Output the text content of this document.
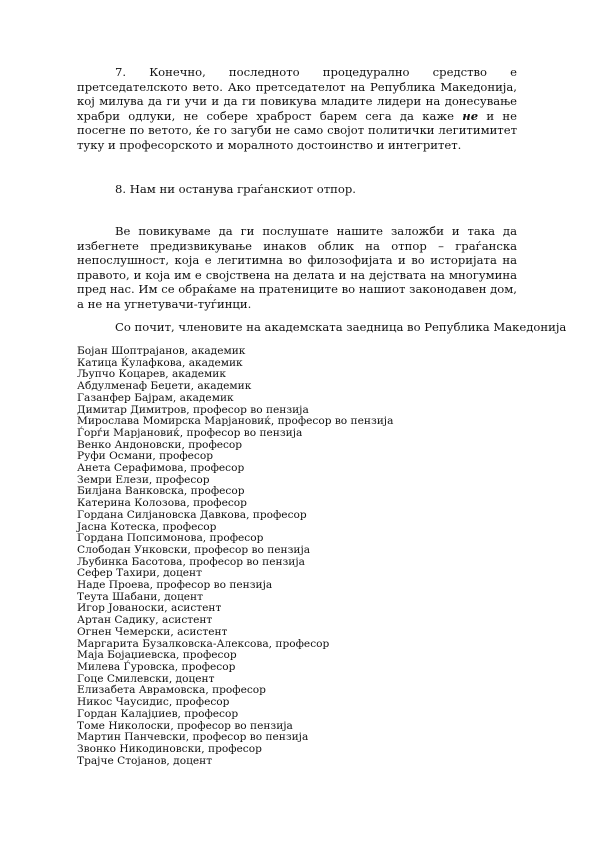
7. Конечно, последното процедурално средство е претседателското вето. Ако претседателот на Република Македонија, кој милува да ги учи и да ги повикува младите лидери на донесување храбри одлуки, не собере храброст барем сега да каже не и не посегне по ветото, ќе го загуби не само својот политички легитимитет туку и професорското и моралното достоинство и интегритет.

8. Нам ни останува граѓанскиот отпор.

Ве повикуваме да ги послушате нашите заложби и така да избегнете предизвикување инаков облик на отпор – граѓанска непослушност, која е легитимна во филозофијата и во историјата на правото, и која им е својствена на делата и на дејствата на многумина пред нас. Им се обраќаме на пратениците во нашиот законодавен дом, а не на угнетувачи-туѓинци.

Со почит, членовите на академската заедница во Република Македонија

Бојан Шоптрајанов, академик
Катица Ќулафкова, академик
Љупчо Коцарев, академик
Абдулменаф Беџети, академик
Газанфер Бајрам, академик
Димитар Димитров, професор во пензија
Мирослава Момирска Марјановиќ, професор во пензија
Ѓорѓи Марјановиќ, професор во пензија
Венко Андоновски, професор
Руфи Османи, професор
Анета Серафимова, професор
Земри Елези, професор
Билјана Ванковска, професор
Катерина Колозова, професор
Гордана Силјановска Давкова, професор
Јасна Котеска, професор
Гордана Попсимонова, професор
Слободан Унковски, професор во пензија
Љубинка Басотова, професор во пензија
Сефер Тахири, доцент
Наде Проева, професор во пензија
Теута Шабани, доцент
Игор Јованоски, асистент
Артан Садику, асистент
Огнен Чемерски, асистент
Маргарита Бузалковска-Алексова, професор
Маја Бојаџиевска, професор
Милева Ѓуровска, професор
Гоце Смилевски, доцент
Елизабета Аврамовска, професор
Никос Чаусидис, професор
Гордан Калајџиев, професор
Томе Николоски, професор во пензија
Мартин Панчевски, професор во пензија
Звонко Никодиновски, професор
Трајче Стојанов, доцент
